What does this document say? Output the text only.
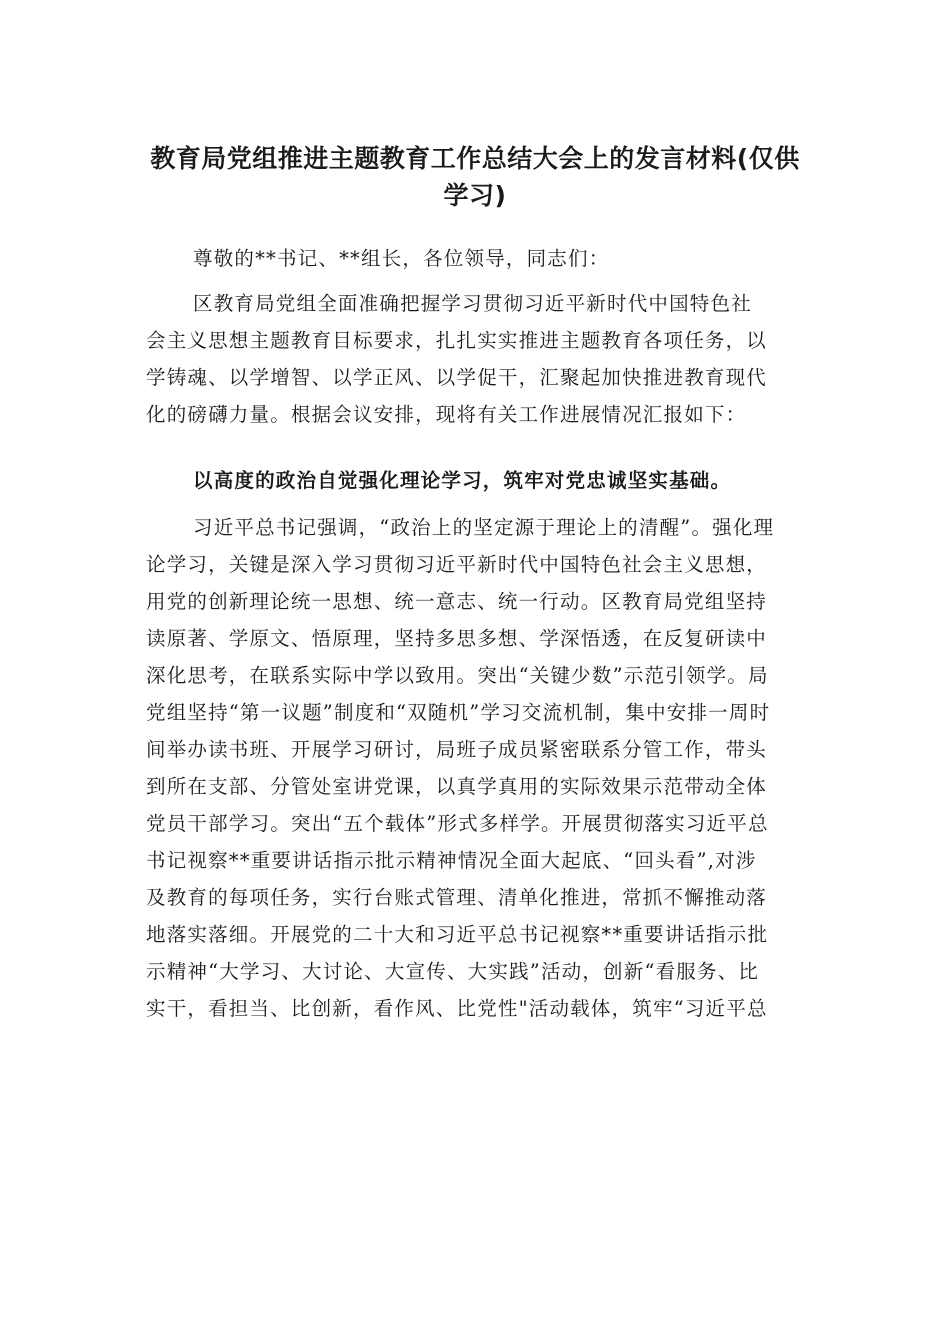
教育局党组推进主题教育工作总结大会上的发言材料(仅供
学习)
尊敬的**书记、**组长，各位领导，同志们：
区教育局党组全面准确把握学习贯彻习近平新时代中国特色社
会主义思想主题教育目标要求，扎扎实实推进主题教育各项任务，以
学铸魂、以学增智、以学正风、以学促干，汇聚起加快推进教育现代
化的磅礴力量。根据会议安排，现将有关工作进展情况汇报如下：
以高度的政治自觉强化理论学习，筑牢对党忠诚坚实基础。
习近平总书记强调，“政治上的坚定源于理论上的清醒”。强化理
论学习，关键是深入学习贯彻习近平新时代中国特色社会主义思想，
用党的创新理论统一思想、统一意志、统一行动。区教育局党组坚持
读原著、学原文、悟原理，坚持多思多想、学深悟透，在反复研读中
深化思考，在联系实际中学以致用。突出“关键少数”示范引领学。局
党组坚持“第一议题”制度和“双随机”学习交流机制，集中安排一周时
间举办读书班、开展学习研讨，局班子成员紧密联系分管工作，带头
到所在支部、分管处室讲党课，以真学真用的实际效果示范带动全体
党员干部学习。突出“五个载体”形式多样学。开展贯彻落实习近平总
书记视察**重要讲话指示批示精神情况全面大起底、“回头看”,对涉
及教育的每项任务，实行台账式管理、清单化推进，常抓不懈推动落
地落实落细。开展党的二十大和习近平总书记视察**重要讲话指示批
示精神“大学习、大讨论、大宣传、大实践”活动，创新“看服务、比
实干，看担当、比创新，看作风、比党性"活动载体，筑牢“习近平总
